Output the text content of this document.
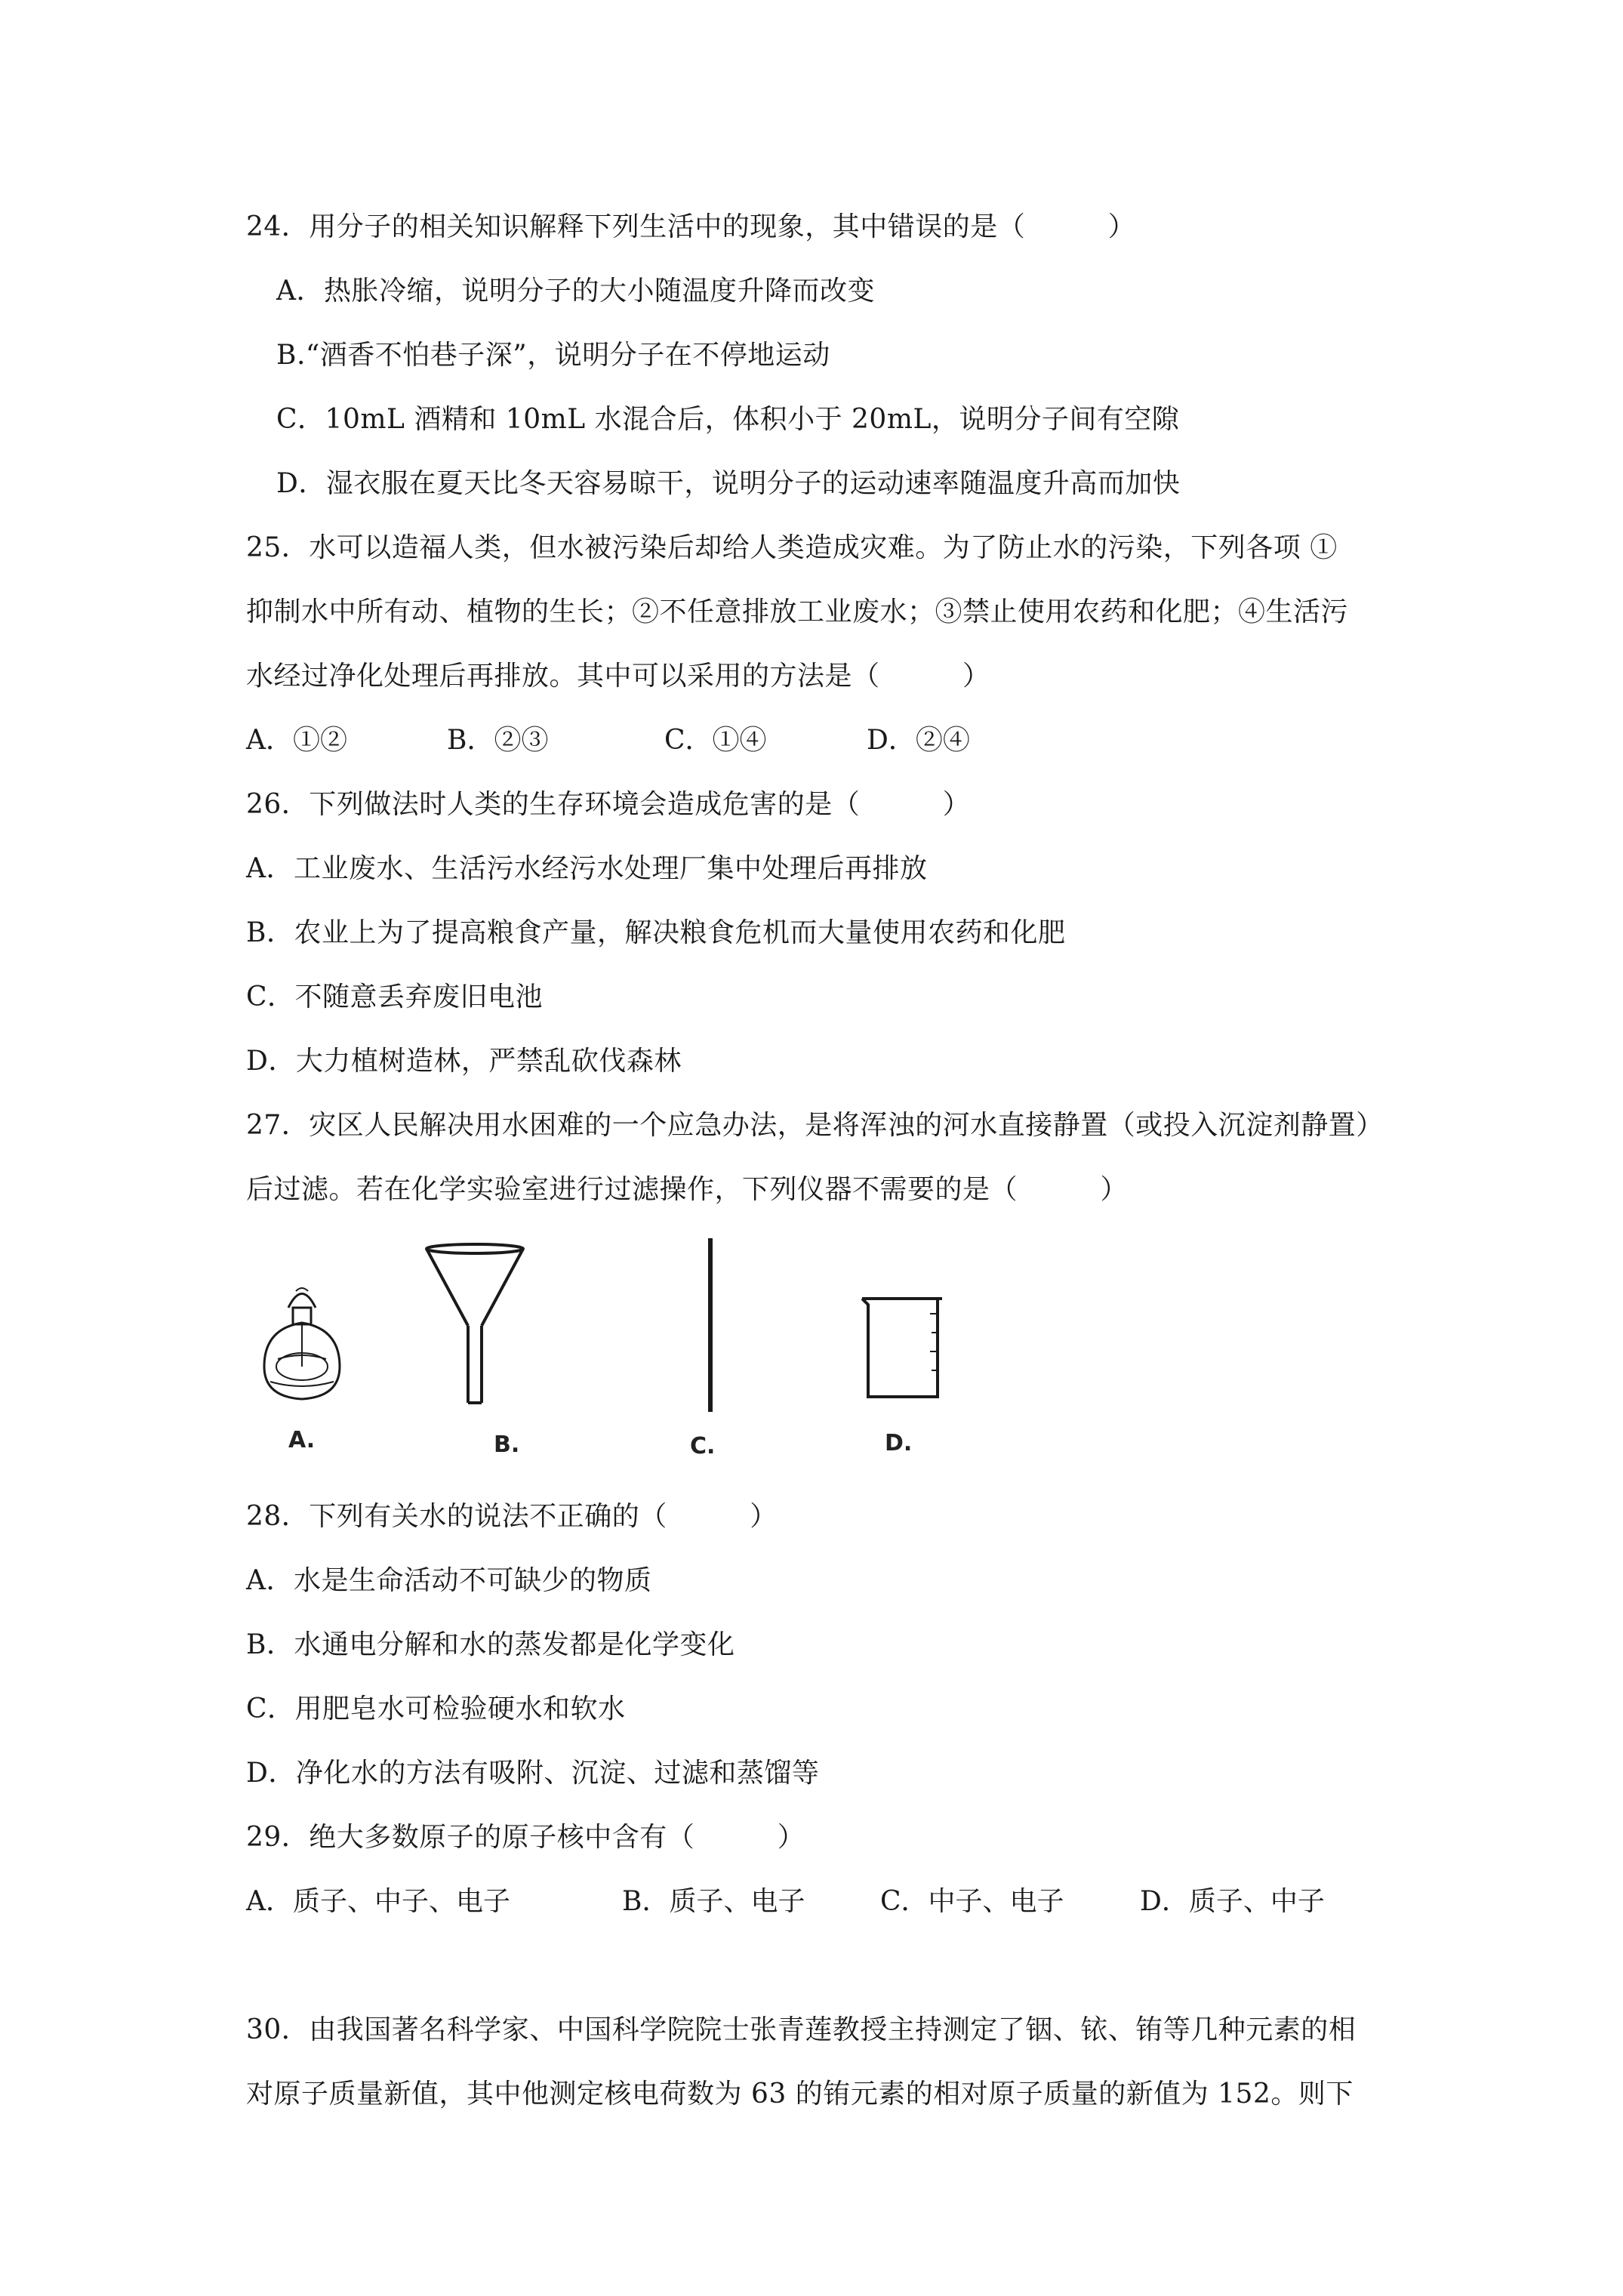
24．用分子的相关知识解释下列生活中的现象，其中错误的是（　　　）
A．热胀冷缩，说明分子的大小随温度升降而改变
B.“酒香不怕巷子深”，说明分子在不停地运动
C．10mL 酒精和 10mL 水混合后，体积小于 20mL，说明分子间有空隙
D．湿衣服在夏天比冬天容易晾干，说明分子的运动速率随温度升高而加快
25．水可以造福人类，但水被污染后却给人类造成灾难。为了防止水的污染，下列各项 ①
抑制水中所有动、植物的生长；②不任意排放工业废水；③禁止使用农药和化肥；④生活污
水经过净化处理后再排放。其中可以采用的方法是（　　　）
A．①②	B．②③	C．①④	D．②④
26．下列做法时人类的生存环境会造成危害的是（　　　）
A．工业废水、生活污水经污水处理厂集中处理后再排放
B．农业上为了提高粮食产量，解决粮食危机而大量使用农药和化肥
C．不随意丢弃废旧电池
D．大力植树造林，严禁乱砍伐森林
27．灾区人民解决用水困难的一个应急办法，是将浑浊的河水直接静置（或投入沉淀剂静置）
后过滤。若在化学实验室进行过滤操作，下列仪器不需要的是（　　　）
A.	B.	C.	D.
28．下列有关水的说法不正确的（　　　）
A．水是生命活动不可缺少的物质
B．水通电分解和水的蒸发都是化学变化
C．用肥皂水可检验硬水和软水
D．净化水的方法有吸附、沉淀、过滤和蒸馏等
29．绝大多数原子的原子核中含有（　　　）
A．质子、中子、电子	B．质子、电子	C．中子、电子	D．质子、中子
30．由我国著名科学家、中国科学院院士张青莲教授主持测定了铟、铱、铕等几种元素的相
对原子质量新值，其中他测定核电荷数为 63 的铕元素的相对原子质量的新值为 152。则下
